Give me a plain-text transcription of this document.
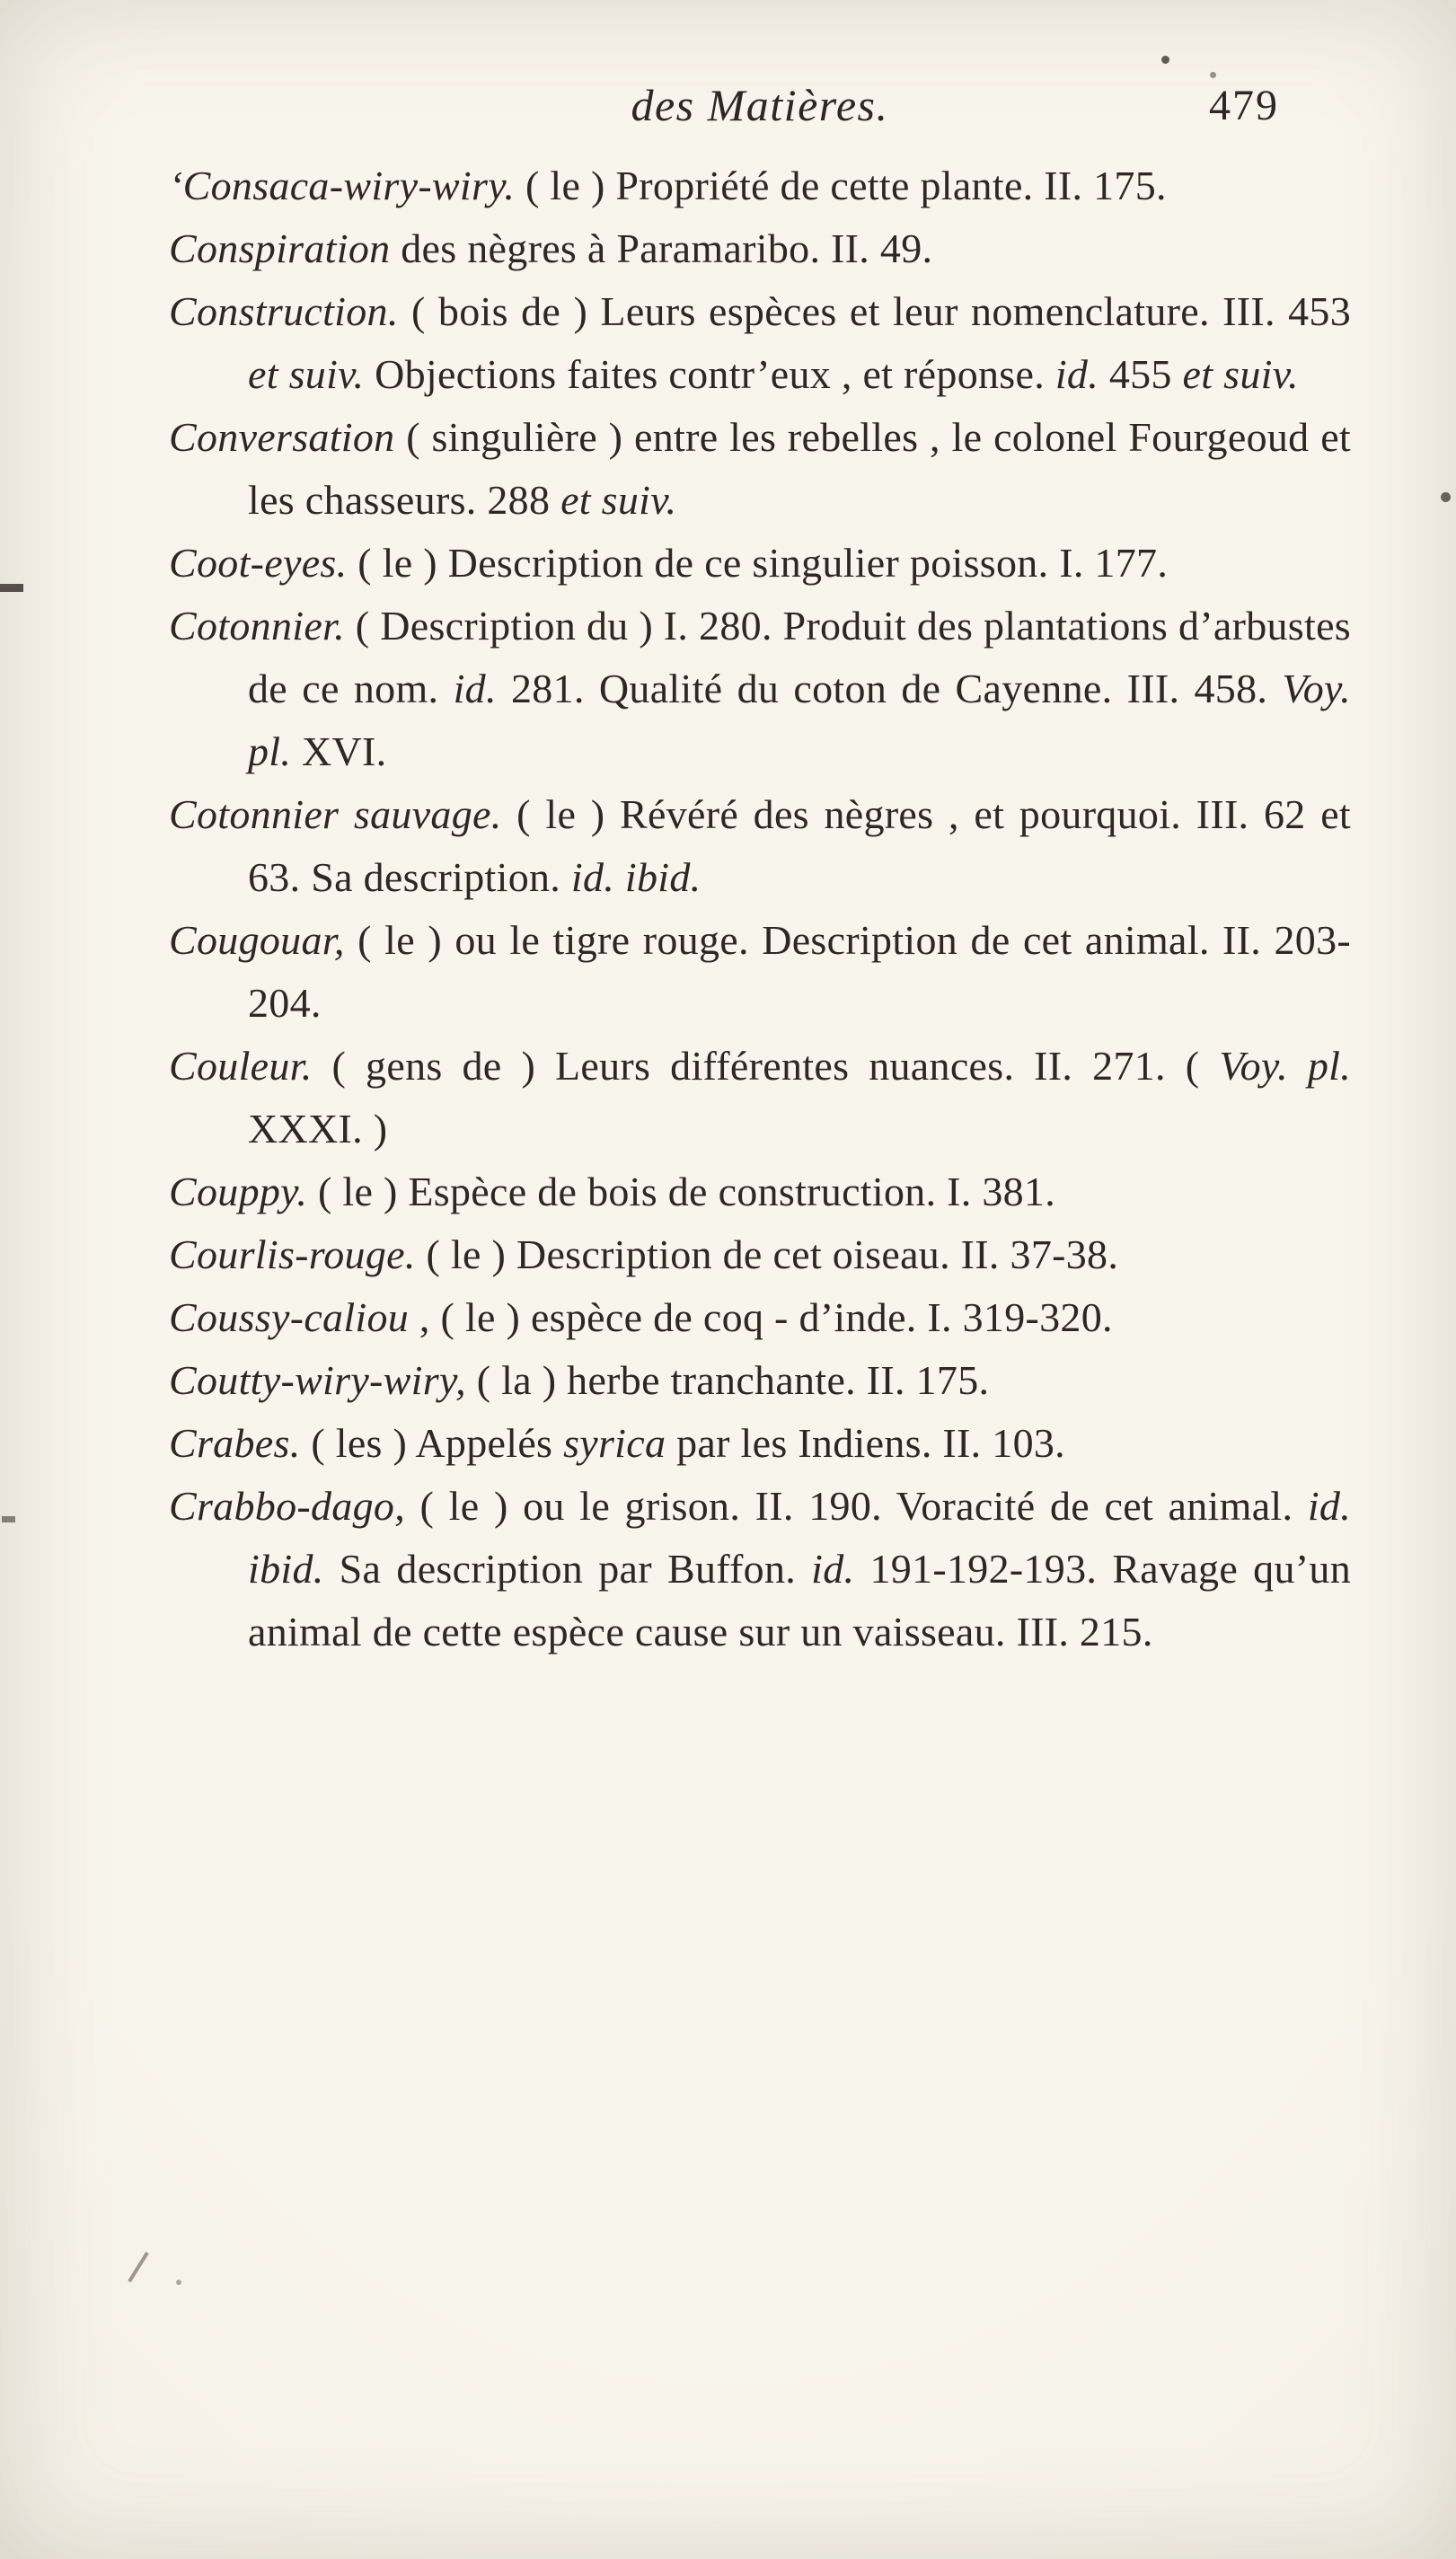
des Matières.	479

‘Consaca-wiry-wiry. ( le ) Propriété de cette plante. II. 175.

Conspiration des nègres à Paramaribo. II. 49.

Construction. ( bois de ) Leurs espèces et leur nomenclature. III. 453 et suiv. Objections faites contr’eux , et réponse. id. 455 et suiv.

Conversation ( singulière ) entre les rebelles , le colonel Fourgeoud et les chasseurs. 288 et suiv.

Coot-eyes. ( le ) Description de ce singulier poisson. I. 177.

Cotonnier. ( Description du ) I. 280. Produit des plantations d’arbustes de ce nom. id. 281. Qualité du coton de Cayenne. III. 458. Voy. pl. XVI.

Cotonnier sauvage. ( le ) Révéré des nègres , et pourquoi. III. 62 et 63. Sa description. id. ibid.

Cougouar, ( le ) ou le tigre rouge. Description de cet animal. II. 203-204.

Couleur. ( gens de ) Leurs différentes nuances. II. 271. ( Voy. pl. XXXI. )

Couppy. ( le ) Espèce de bois de construction. I. 381.

Courlis-rouge. ( le ) Description de cet oiseau. II. 37-38.

Coussy-caliou , ( le ) espèce de coq - d’inde. I. 319-320.

Coutty-wiry-wiry, ( la ) herbe tranchante. II. 175.

Crabes. ( les ) Appelés syrica par les Indiens. II. 103.

Crabbo-dago, ( le ) ou le grison. II. 190. Voracité de cet animal. id. ibid. Sa description par Buffon. id. 191-192-193. Ravage qu’un animal de cette espèce cause sur un vaisseau. III. 215.
